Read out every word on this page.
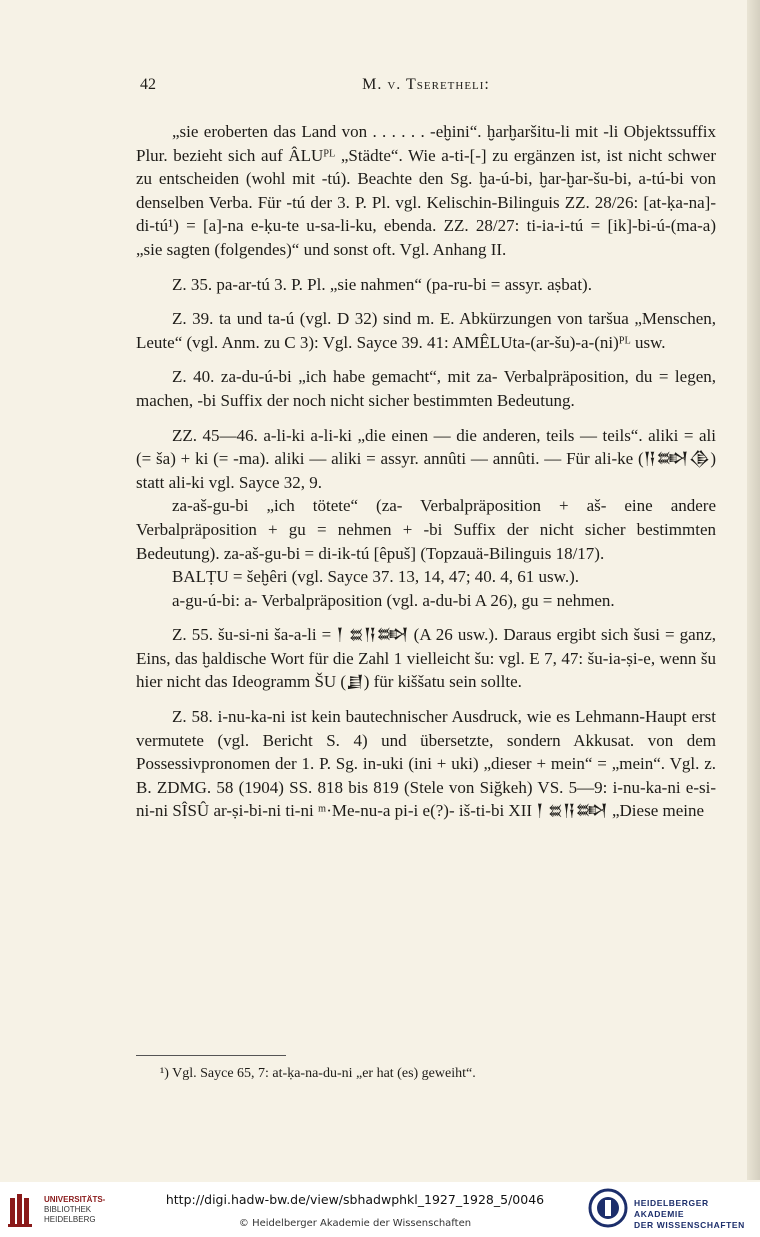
42	M. v. Tseretheli:

„sie eroberten das Land von . . . . . . -eḫini“. ḫarḫaršitu-li mit -li Objektssuffix Plur. bezieht sich auf ÂLUᴾᴸ „Städte“. Wie a-ti-[-] zu ergänzen ist, ist nicht schwer zu entscheiden (wohl mit -tú). Beachte den Sg. ḫa-ú-bi, ḫar-ḫar-šu-bi, a-tú-bi von denselben Verba. Für -tú der 3. P. Pl. vgl. Kelischin-Bilinguis ZZ. 28/26: [at-ḳa-na]-di-tú¹) = [a]-na e-ḳu-te u-sa-li-ku, ebenda. ZZ. 28/27: ti-ia-i-tú = [ik]-bi-ú-(ma-a) „sie sagten (folgendes)“ und sonst oft. Vgl. Anhang II.

Z. 35. pa-ar-tú 3. P. Pl. „sie nahmen“ (pa-ru-bi = assyr. aṣbat).

Z. 39. ta und ta-ú (vgl. D 32) sind m. E. Abkürzungen von taršua „Menschen, Leute“ (vgl. Anm. zu C 3): Vgl. Sayce 39. 41: AMÊLUta-(ar-šu)-a-(ni)ᴾᴸ usw.

Z. 40. za-du-ú-bi „ich habe gemacht“, mit za- Verbalpräposition, du = legen, machen, -bi Suffix der noch nicht sicher bestimmten Bedeutung.

ZZ. 45—46. a-li-ki a-li-ki „die einen — die anderen, teils — teils“. aliki = ali (= ša) + ki (= -ma). aliki — aliki = assyr. annûti — annûti. — Für ali-ke (𒀀𒇷𒆠) statt ali-ki vgl. Sayce 32, 9.

za-aš-gu-bi „ich tötete“ (za- Verbalpräposition + aš- eine andere Verbalpräposition + gu = nehmen + -bi Suffix der nicht sicher bestimmten Bedeutung). za-aš-gu-bi = di-ik-tú [êpuš] (Topzauä-Bilinguis 18/17).

BALṬU = šeḫêri (vgl. Sayce 37. 13, 14, 47; 40. 4, 61 usw.).

a-gu-ú-bi: a- Verbalpräposition (vgl. a-du-bi A 26), gu = nehmen.

Z. 55. šu-si-ni ša-a-li = 𒁹 𒊺𒀀𒇷 (A 26 usw.). Daraus ergibt sich šusi = ganz, Eins, das ḫaldische Wort für die Zahl 1 vielleicht šu: vgl. E 7, 47: šu-ia-ṣi-e, wenn šu hier nicht das Ideogramm ŠU (𒋗) für kiššatu sein sollte.

Z. 58. i-nu-ka-ni ist kein bautechnischer Ausdruck, wie es Lehmann-Haupt erst vermutete (vgl. Bericht S. 4) und übersetzte, sondern Akkusat. von dem Possessivpronomen der 1. P. Sg. in-uki (ini + uki) „dieser + mein“ = „mein“. Vgl. z. B. ZDMG. 58 (1904) SS. 818 bis 819 (Stele von Siğkeh) VS. 5—9: i-nu-ka-ni e-si-ni-ni SÎSÛ ar-ṣi-bi-ni ti-ni ᵐ·Me-nu-a pi-i e(?)- iš-ti-bi XII 𒁹 𒊺𒀀𒇷 „Diese meine

¹) Vgl. Sayce 65, 7: at-ḳa-na-du-ni „er hat (es) geweiht“.
UNIVERSITÄTS-
BIBLIOTHEK
HEIDELBERG
http://digi.hadw-bw.de/view/sbhadwphkl_1927_1928_5/0046
© Heidelberger Akademie der Wissenschaften
HEIDELBERGER AKADEMIE
DER WISSENSCHAFTEN
